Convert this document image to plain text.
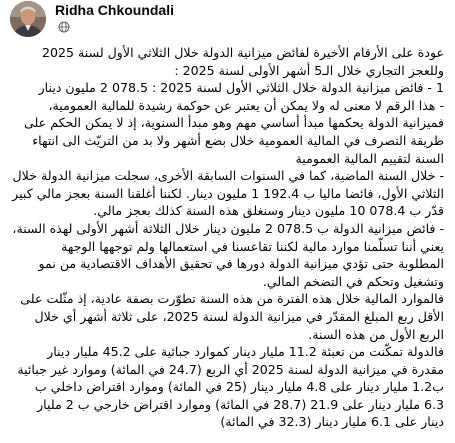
Ridha Chkoundali

عودة على الأرقام الأخيرة لفائض ميزانية الدولة خلال الثلاثي الأول لسنة 2025 وللعجز التجاري خلال الـ5 أشهر الأولى لسنة 2025 :

1 - فائض ميزانية الدولة خلال الثلاثي الأول لسنة 2025 : 078.5 2 مليون دينار

- هذا الرقم لا معنى له ولا يمكن أن يعتبر عن حوكمة رشيدة للمالية العمومية، فميزانية الدولة يحكمها مبدأ أساسي مهم وهو مبدأ السنوية، إذ لا يمكن الحكم على طريقة التصرف في المالية العمومية خلال بضع أشهر ولا بد من التريّث الى انتهاء السنة لتقييم المالية العمومية

- خلال السنة الماضية، كما في السنوات السابقة الأخرى، سجلت ميزانية الدولة خلال الثلاثي الأول، فائضا ماليا ب 192.4 1 مليون دينار. لكننا أغلقنا السنة بعجز مالي كبير قدّر ب 078.4 10 مليون دينار وسنغلق هذه السنة كذلك بعجز مالي.

- فائض ميزانية الدولة ب 078.5 2 مليون دينار خلال الثلاثة أشهر الأولى لهذه السنة، يعني أننا تسلّمنا موارد مالية لكننا تقاعسنا في استعمالها ولم توجهها الوجهة المطلوبة حتى تؤدي ميزانية الدولة دورها في تحقيق الأهداف الاقتصادية من نمو وتشغيل وتحكم في التضخم المالي.

فالموارد المالية خلال هذه الفترة من هذه السنة تطوّرت بصفة عادية، إذ مثّلت على الأقل ربع المبلغ المقدّر في ميزانية الدولة لسنة 2025، على ثلاثة أشهر أي خلال الربع الأول من هذه السنة.

فالدولة تمكّنت من تعبئة 11.2 مليار دينار كموارد جبائية على 45.2 مليار دينار مقدرة في ميزانية الدولة لسنة 2025 أي الربع (24.7 في المائة) وموارد غير جبائية ب1.2 مليار دينار على 4.8 مليار دينار (25 في المائة) وموارد اقتراض داخلي ب 6.3 مليار دينار على 21.9 (28.7 في المائة) وموارد اقتراض خارجي ب 2 مليار دينار على 6.1 مليار دينار (32.3 في المائة)
